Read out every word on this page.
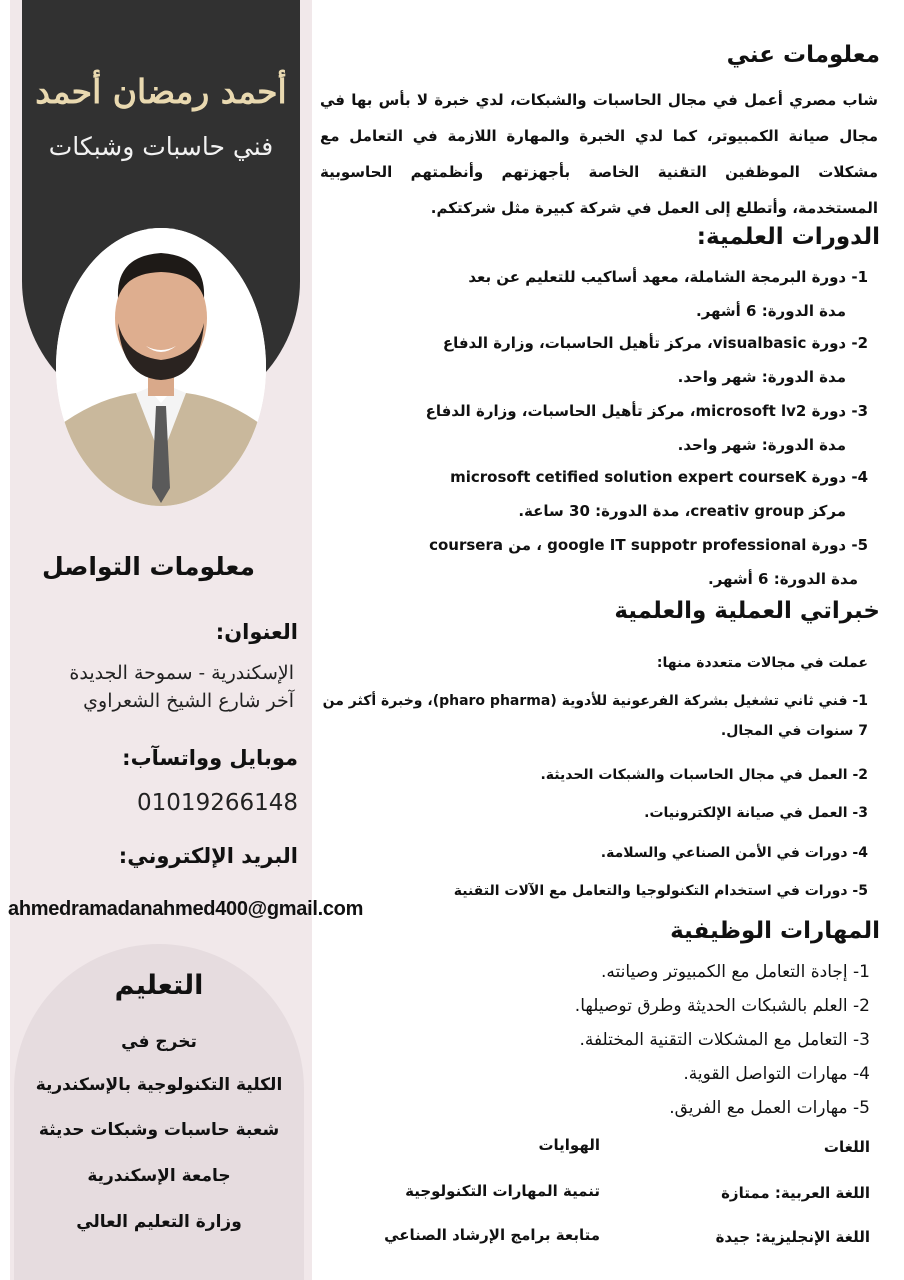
أحمد رمضان أحمد
فني حاسبات وشبكات
معلومات التواصل
العنوان:
الإسكندرية - سموحة الجديدة
آخر شارع الشيخ الشعراوي
موبايل وواتسآب:
01019266148
البريد الإلكتروني:
ahmedramadanahmed400@gmail.com
التعليم
تخرج في
الكلية التكنولوجية بالإسكندرية
شعبة حاسبات وشبكات حديثة
جامعة الإسكندرية
وزارة التعليم العالي
معلومات عني
شاب مصري أعمل في مجال الحاسبات والشبكات، لدي خبرة لا بأس بها في مجال صيانة الكمبيوتر، كما لدي الخبرة والمهارة اللازمة في التعامل مع مشكلات الموظفين التقنية الخاصة بأجهزتهم وأنظمتهم الحاسوبية المستخدمة، وأتطلع إلى العمل في شركة كبيرة مثل شركتكم.
الدورات العلمية:
1- دورة البرمجة الشاملة، معهد أساكيب للتعليم عن بعد
مدة الدورة: 6 أشهر.
2- دورة visualbasic، مركز تأهيل الحاسبات، وزارة الدفاع
مدة الدورة: شهر واحد.
3- دورة microsoft lv2، مركز تأهيل الحاسبات، وزارة الدفاع
مدة الدورة: شهر واحد.
4- دورة microsoft cetified solution expert courseK
مركز creativ group، مدة الدورة: 30 ساعة.
5- دورة google IT suppotr professional ، من coursera
مدة الدورة: 6 أشهر.
خبراتي العملية والعلمية
عملت في مجالات متعددة منها:
1- فني ثاني تشغيل بشركة الفرعونية للأدوية (pharo pharma)، وخبرة أكثر من 7 سنوات في المجال.
2- العمل في مجال الحاسبات والشبكات الحديثة.
3- العمل في صيانة الإلكترونيات.
4- دورات في الأمن الصناعي والسلامة.
5- دورات في استخدام التكنولوجيا والتعامل مع الآلات التقنية
المهارات الوظيفية
1- إجادة التعامل مع الكمبيوتر وصيانته.
2- العلم بالشبكات الحديثة وطرق توصيلها.
3- التعامل مع المشكلات التقنية المختلفة.
4- مهارات التواصل القوية.
5- مهارات العمل مع الفريق.
اللغات
اللغة العربية: ممتازة
اللغة الإنجليزية: جيدة
الهوايات
تنمية المهارات التكنولوجية
متابعة برامج الإرشاد الصناعي
